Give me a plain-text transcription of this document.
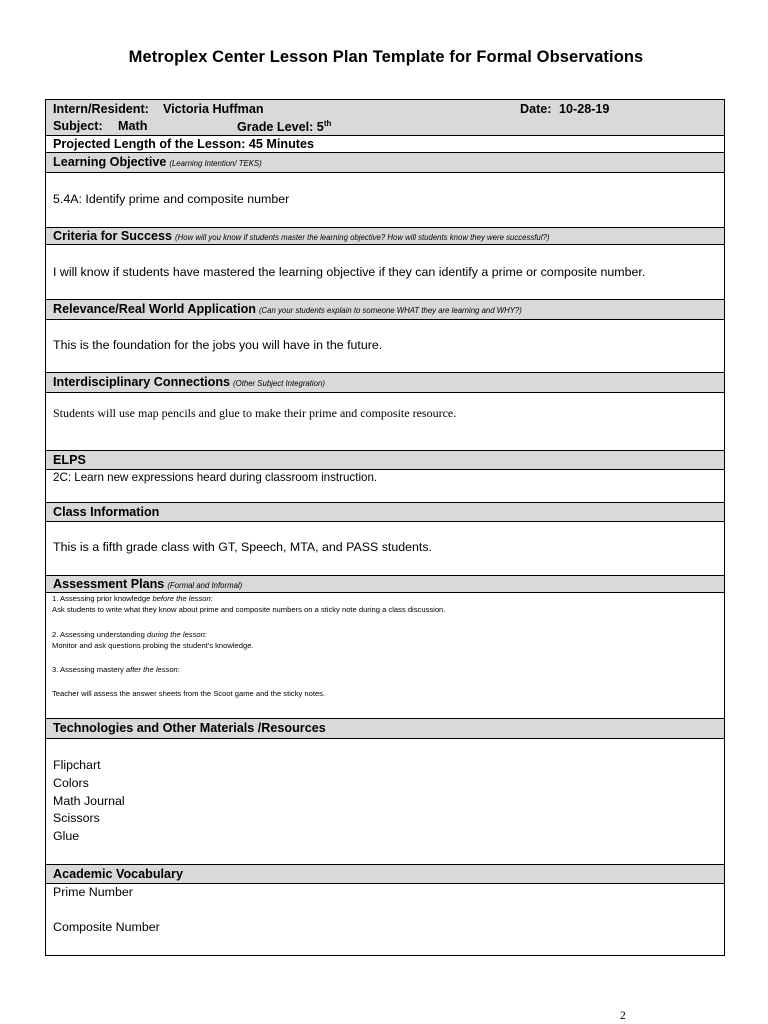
Metroplex Center Lesson Plan Template for Formal Observations
Intern/Resident: Victoria Huffman	Date: 10-28-19
Subject: Math	Grade Level: 5th
Projected Length of the Lesson: 45 Minutes
Learning Objective (Learning Intention/ TEKS)
5.4A: Identify prime and composite number
Criteria for Success (How will you know if students master the learning objective? How will students know they were successful?)
I will know if students have mastered the learning objective if they can identify a prime or composite number.
Relevance/Real World Application (Can your students explain to someone WHAT they are learning and WHY?)
This is the foundation for the jobs you will have in the future.
Interdisciplinary Connections (Other Subject Integration)
Students will use map pencils and glue to make their prime and composite resource.
ELPS
2C: Learn new expressions heard during classroom instruction.
Class Information
This is a fifth grade class with GT, Speech, MTA, and PASS students.
Assessment Plans (Formal and Informal)
1. Assessing prior knowledge before the lesson:
Ask students to write what they know about prime and composite numbers on a sticky note during a class discussion.
2. Assessing understanding during the lesson:
Monitor and ask questions probing the student's knowledge.
3. Assessing mastery after the lesson:
Teacher will assess the answer sheets from the Scoot game and the sticky notes.
Technologies and Other Materials /Resources
Flipchart
Colors
Math Journal
Scissors
Glue
Academic Vocabulary
Prime Number
Composite Number
2
